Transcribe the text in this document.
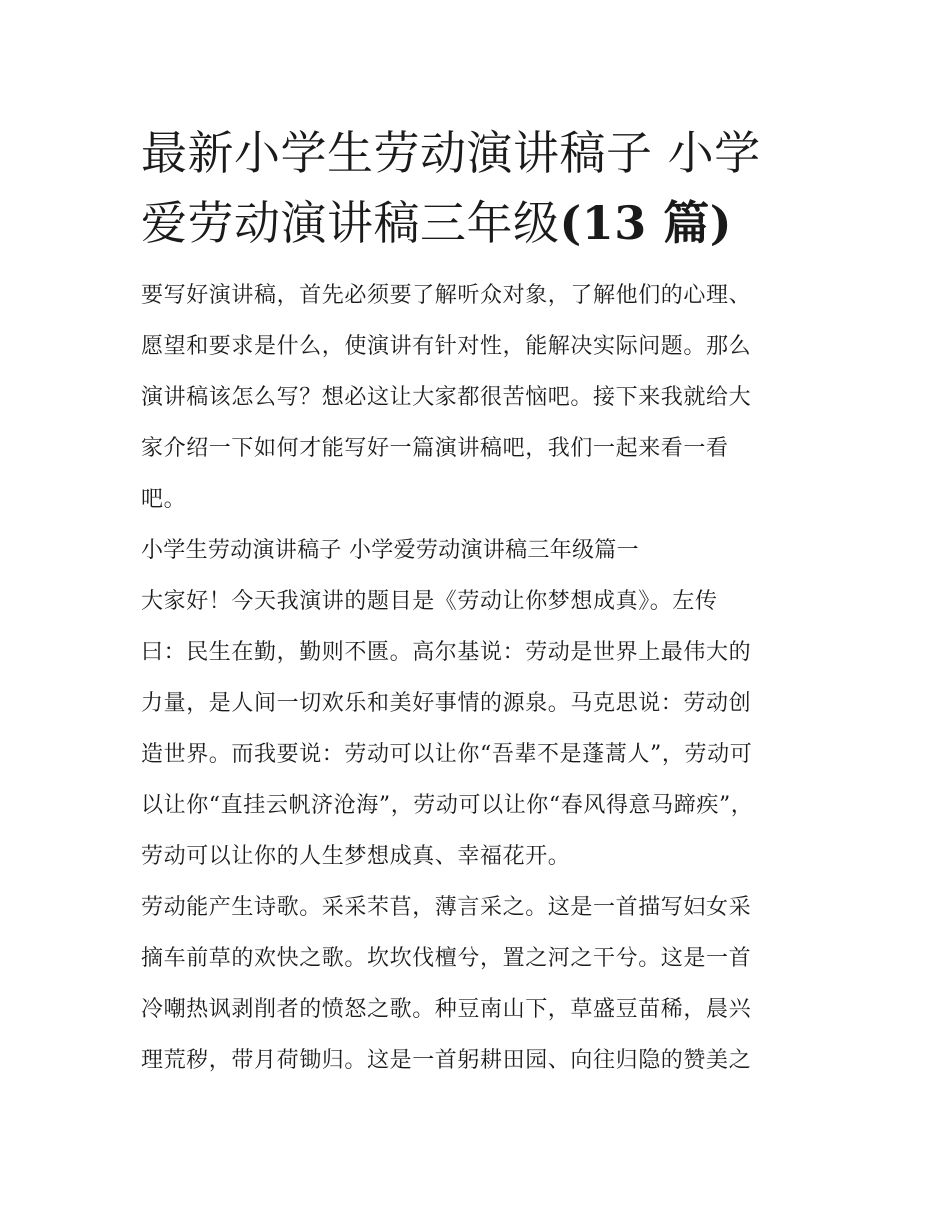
最新小学生劳动演讲稿子 小学
爱劳动演讲稿三年级(13 篇)

要写好演讲稿，首先必须要了解听众对象，了解他们的心理、
愿望和要求是什么，使演讲有针对性，能解决实际问题。那么
演讲稿该怎么写？想必这让大家都很苦恼吧。接下来我就给大
家介绍一下如何才能写好一篇演讲稿吧，我们一起来看一看
吧。

小学生劳动演讲稿子 小学爱劳动演讲稿三年级篇一

大家好！今天我演讲的题目是《劳动让你梦想成真》。左传
曰：民生在勤，勤则不匮。高尔基说：劳动是世界上最伟大的
力量，是人间一切欢乐和美好事情的源泉。马克思说：劳动创
造世界。而我要说：劳动可以让你“吾辈不是蓬蒿人”，劳动可
以让你“直挂云帆济沧海”，劳动可以让你“春风得意马蹄疾”，
劳动可以让你的人生梦想成真、幸福花开。

劳动能产生诗歌。采采芣苢，薄言采之。这是一首描写妇女采
摘车前草的欢快之歌。坎坎伐檀兮，置之河之干兮。这是一首
冷嘲热讽剥削者的愤怒之歌。种豆南山下，草盛豆苗稀，晨兴
理荒秽，带月荷锄归。这是一首躬耕田园、向往归隐的赞美之
